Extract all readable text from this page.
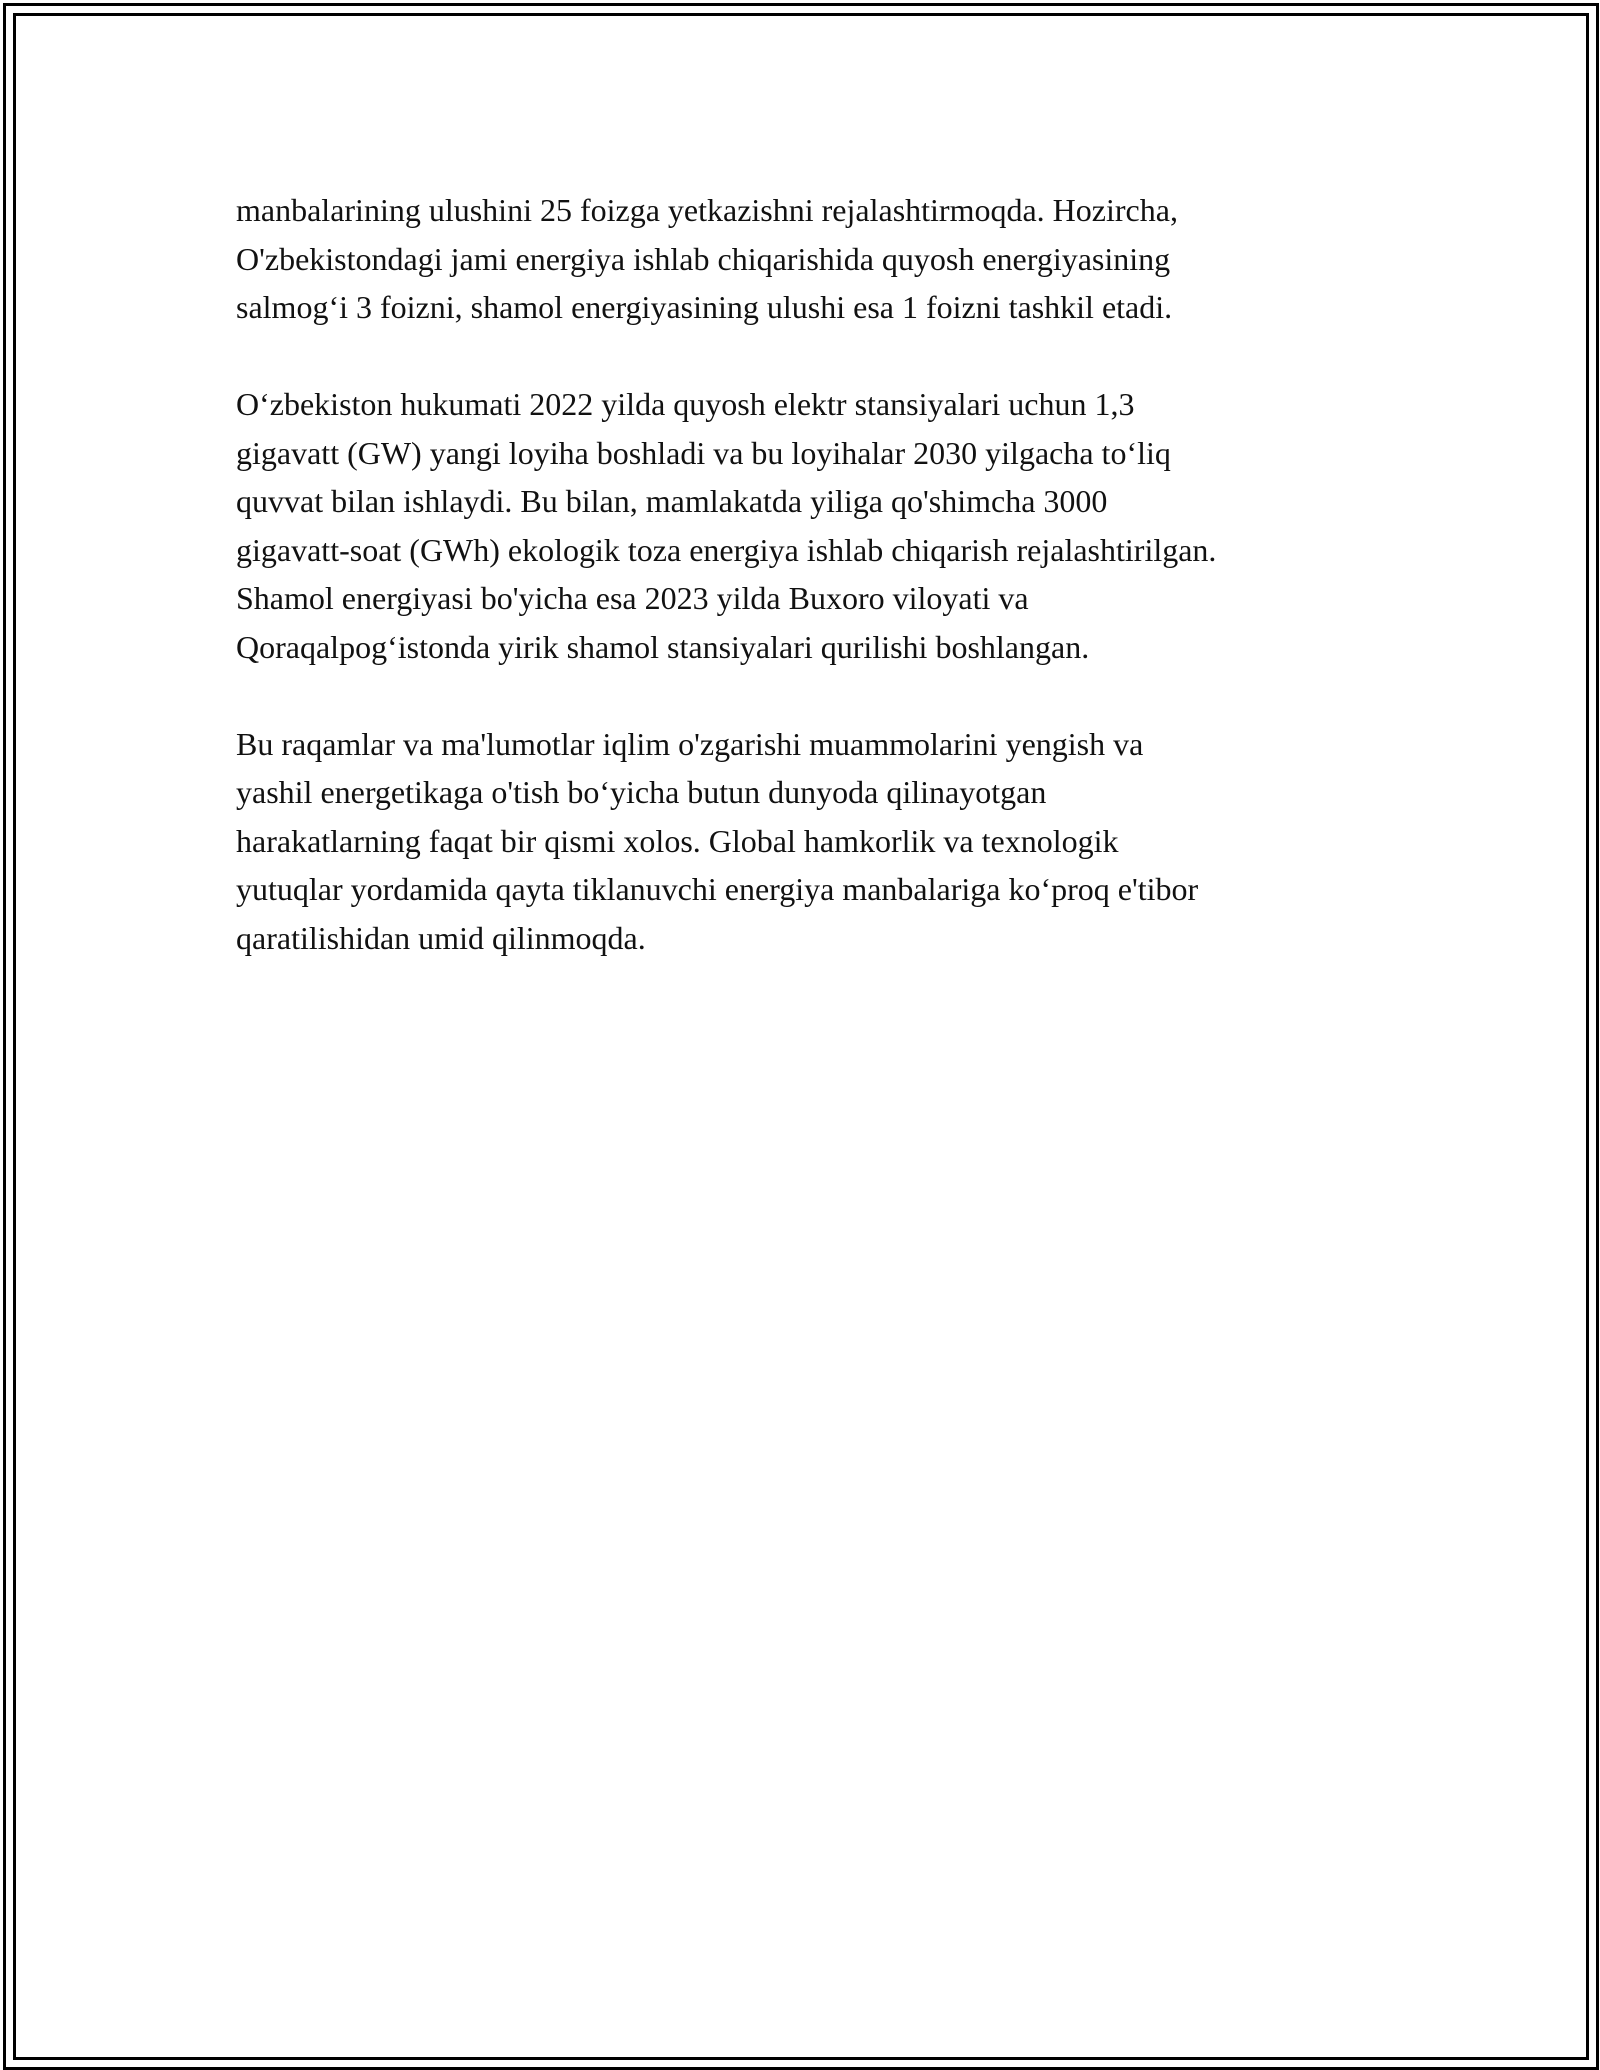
manbalarining ulushini 25 foizga yetkazishni rejalashtirmoqda. Hozircha,
O'zbekistondagi jami energiya ishlab chiqarishida quyosh energiyasining
salmog‘i 3 foizni, shamol energiyasining ulushi esa 1 foizni tashkil etadi.

O‘zbekiston hukumati 2022 yilda quyosh elektr stansiyalari uchun 1,3
gigavatt (GW) yangi loyiha boshladi va bu loyihalar 2030 yilgacha to‘liq
quvvat bilan ishlaydi. Bu bilan, mamlakatda yiliga qo'shimcha 3000
gigavatt-soat (GWh) ekologik toza energiya ishlab chiqarish rejalashtirilgan.
Shamol energiyasi bo'yicha esa 2023 yilda Buxoro viloyati va
Qoraqalpog‘istonda yirik shamol stansiyalari qurilishi boshlangan.

Bu raqamlar va ma'lumotlar iqlim o'zgarishi muammolarini yengish va
yashil energetikaga o'tish bo‘yicha butun dunyoda qilinayotgan
harakatlarning faqat bir qismi xolos. Global hamkorlik va texnologik
yutuqlar yordamida qayta tiklanuvchi energiya manbalariga ko‘proq e'tibor
qaratilishidan umid qilinmoqda.
